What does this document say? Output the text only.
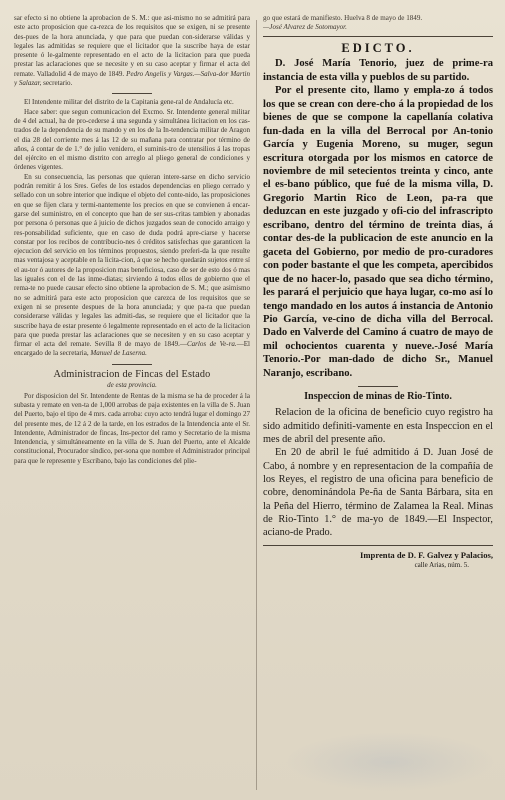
sar efecto si no obtiene la aprobacion de S. M.: que asi-mismo no se admitirá para este acto proposicion que ca-rezca de los requisitos que se exigen, ni se presente des-pues de la hora anunciada, y que para que puedan con-siderarse válidas y legales las admitidas se requiere que el licitador que la suscribe haya de estar presente ó le-galmente representado en el acto de la licitacion para que pueda prestar las aclaraciones que se necesite y en su caso aceptar y firmar el acta del remate. Valladolid 4 de mayo de 1849. Pedro Angelis y Vargas.—Salva-dor Martin y Salazar, secretario.

El Intendente militar del distrito de la Capitania gene-ral de Andalucía etc.

Hace saber: que segun comunicacion del Excmo. Sr. Intendente general militar de 4 del actual, ha de pro-cederse á una segunda y simultánea licitacion en los cas-trados de la dependencia de su mando y en los de la In-tendencia militar de Aragon el dia 28 del corriente mes á las 12 de su mañana para contratar por término de años, á contar de de 1.° de julio venidero, el suminis-tro de utensilios á las tropas del ejército en el mismo distrito con arreglo al pliego general de condiciones y órdenes vigentes.

En su consecuencia, las personas que quieran intere-sarse en dicho servicio podrán remitir á los Sres. Gefes de los estados dependencias en pliego cerrado y sellado con un sobre interior que indique el objeto del conte-nido, las proposiciones en que se fijen clara y termi-nantemente los precios en que se convienen á encar-garse del suministro, en el concepto que han de ser sus-critas tambien y abonadas por persona ó personas que á juicio de dichos juzgados sean de conocido arraigo y res-ponsabilidad suficiente, que en caso de duda podrá apre-ciarse y hacerse constar por los recibos de contribucio-nes ó créditos satisfechas que garanticen la ejecucion del servicio en los términos propuestos, siendo preferi-da la que resulte mas ventajosa y aceptable en la licita-cion, á que se hecho quedarán sujetos entre sí el au-tor ó autores de la proposicion mas beneficiosa, caso de ser de esto dos ó mas las iguales con el de las inme-diatas; sirviendo á todos ellos de gobierno que el rema-te no puede causar efecto sino obtiene la aprobacion de S. M.; que asimismo no se admitirá para este acto proposicion que carezca de los requisitos que se exigen ni se presente despues de la hora anunciada; y que pa-ra que puedan considerarse válidas y legales las admiti-das, se requiere que el licitador que la suscribe haya de estar presente ó legalmente representado en el acto de la licitacion para que pueda prestar las aclaraciones que se necesiten y en su caso aceptar y firmar el acta del remate. Sevilla 8 de mayo de 1849.—Carlos de Ve-ra.—El encargado de la secretaria, Manuel de Laserna.

Administracion de Fincas del Estado
de esta provincia.

Por disposicion del Sr. Intendente de Rentas de la misma se ha de proceder á la subasta y remate en ven-ta de 1,000 arrobas de paja existentes en la villa de S. Juan del Puerto, bajo el tipo de 4 mrs. cada arroba: cuyo acto tendrá lugar el domingo 27 del presente mes, de 12 á 2 de la tarde, en los estrados de la Intendencia ante el Sr. Intendente, Administrador de fincas, Ins-pector del ramo y Secretario de la misma Intendencia, y simultáneamente en la villa de S. Juan del Puerto, ante el Alcalde constitucional, Procurador síndico, per-sona que nombre el Administrador principal para que le represente y Escribano, bajo las condiciones del plie-

go que estará de manifiesto. Huelva 8 de mayo de 1849.
—José Alvarez de Sotomayor.
EDICTO.

D. José María Tenorio, juez de prime-ra instancia de esta villa y pueblos de su partido.

Por el presente cito, llamo y empla-zo á todos los que se crean con dere-cho á la propiedad de los bienes de que se compone la capellanía colativa fun-dada en la villa del Berrocal por An-tonio García y Eugenia Moreno, su muger, segun escritura otorgada por los mismos en catorce de noviembre de mil setecientos treinta y cinco, ante el es-bano público, que fué de la misma villa, D. Gregorio Martin Rico de Leon, pa-ra que deduzcan en este juzgado y ofi-cio del infrascripto escribano, dentro del término de treinta dias, á contar des-de la publicacion de este anuncio en la gaceta del Gobierno, por medio de pro-curadores con poder bastante el que les competa, apercibidos que de no hacer-lo, pasado que sea dicho término, les parará el perjuicio que haya lugar, co-mo así lo tengo mandado en los autos á instancia de Antonio Pio García, ve-cino de dicha villa del Berrocal. Dado en Valverde del Camino á cuatro de mayo de mil ochocientos cuarenta y nueve.-José María Tenorio.-Por man-dado de dicho Sr., Manuel Naranjo, escribano.

Inspeccion de minas de Rio-Tinto.

Relacion de la oficina de beneficio cuyo registro ha sido admitido definiti-vamente en esta Inspeccion en el mes de abril del presente año.

En 20 de abril le fué admitido á D. Juan José de Cabo, á nombre y en representacion de la compañía de los Reyes, el registro de una oficina para beneficio de cobre, denominándola Pe-ña de Santa Bárbara, sita en la Peña del Hierro, término de Zalamea la Real. Minas de Rio-Tinto 1.° de ma-yo de 1849.—El Inspector, aciano-de Prado.

Imprenta de D. F. Galvez y Palacios,
calle Arias, núm. 5.
